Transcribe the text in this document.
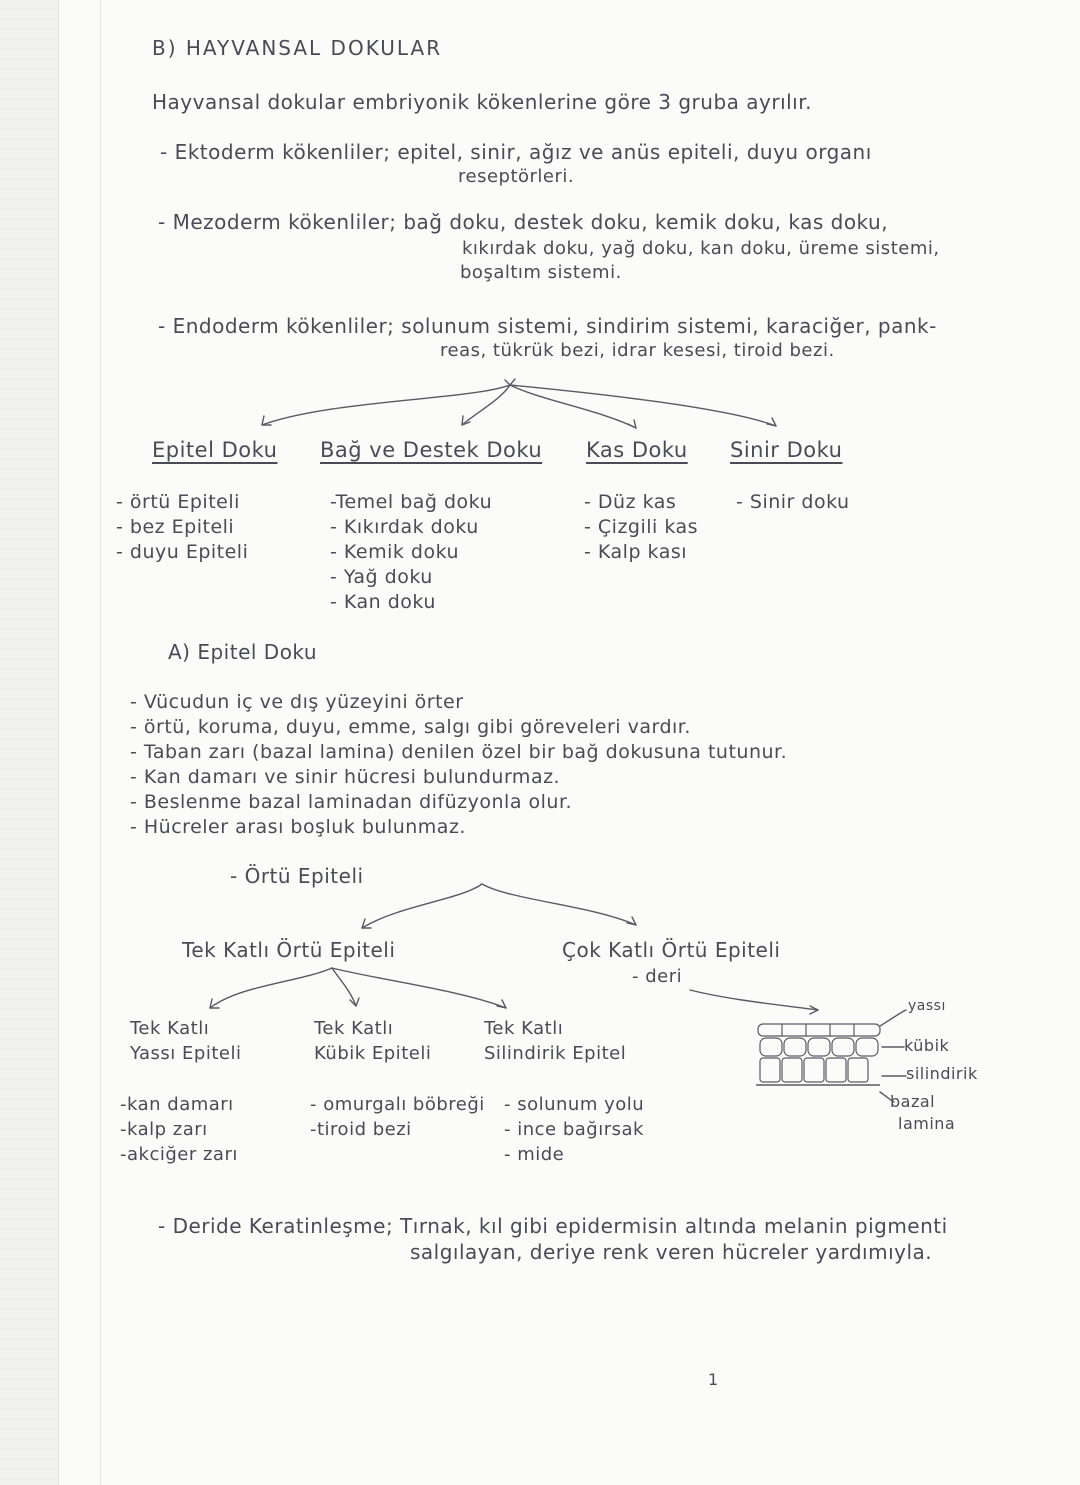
B) HAYVANSAL DOKULAR
Hayvansal dokular embriyonik kökenlerine göre 3 gruba ayrılır.
- Ektoderm kökenliler; epitel, sinir, ağız ve anüs epiteli, duyu organı
reseptörleri.
- Mezoderm kökenliler; bağ doku, destek doku, kemik doku, kas doku,
kıkırdak doku, yağ doku, kan doku, üreme sistemi,
boşaltım sistemi.
- Endoderm kökenliler; solunum sistemi, sindirim sistemi, karaciğer, pank-
reas, tükrük bezi, idrar kesesi, tiroid bezi.
Epitel Doku Bağ ve Destek Doku Kas Doku Sinir Doku
- örtü Epiteli
- bez Epiteli
- duyu Epiteli
-Temel bağ doku
- Kıkırdak doku
- Kemik doku
- Yağ doku
- Kan doku
- Düz kas
- Çizgili kas
- Kalp kası
- Sinir doku
A) Epitel Doku
- Vücudun iç ve dış yüzeyini örter
- örtü, koruma, duyu, emme, salgı gibi göreveleri vardır.
- Taban zarı (bazal lamina) denilen özel bir bağ dokusuna tutunur.
- Kan damarı ve sinir hücresi bulundurmaz.
- Beslenme bazal laminadan difüzyonla olur.
- Hücreler arası boşluk bulunmaz.
- Örtü Epiteli
Tek Katlı Örtü Epiteli	Çok Katlı Örtü Epiteli
- deri
Tek Katlı
Yassı Epiteli
Tek Katlı
Kübik Epiteli
Tek Katlı
Silindirik Epitel
-kan damarı
-kalp zarı
-akciğer zarı
- omurgalı böbreği
-tiroid bezi
- solunum yolu
- ince bağırsak
- mide
yassı
kübik
silindirik
bazal
lamina
- Deride Keratinleşme; Tırnak, kıl gibi epidermisin altında melanin pigmenti
salgılayan, deriye renk veren hücreler yardımıyla.
1
